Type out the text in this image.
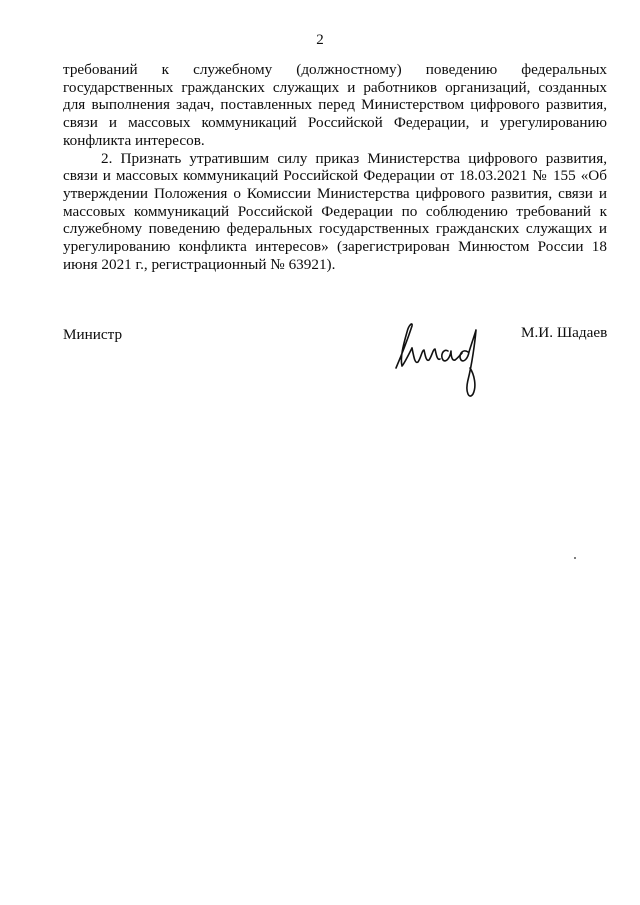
2

требований к служебному (должностному) поведению федеральных государственных гражданских служащих и работников организаций, созданных для выполнения задач, поставленных перед Министерством цифрового развития, связи и массовых коммуникаций Российской Федерации, и урегулированию конфликта интересов.

2. Признать утратившим силу приказ Министерства цифрового развития, связи и массовых коммуникаций Российской Федерации от 18.03.2021 № 155 «Об утверждении Положения о Комиссии Министерства цифрового развития, связи и массовых коммуникаций Российской Федерации по соблюдению требований к служебному поведению федеральных государственных гражданских служащих и урегулированию конфликта интересов» (зарегистрирован Минюстом России 18 июня 2021 г., регистрационный № 63921).

Министр	М.И. Шадаев
